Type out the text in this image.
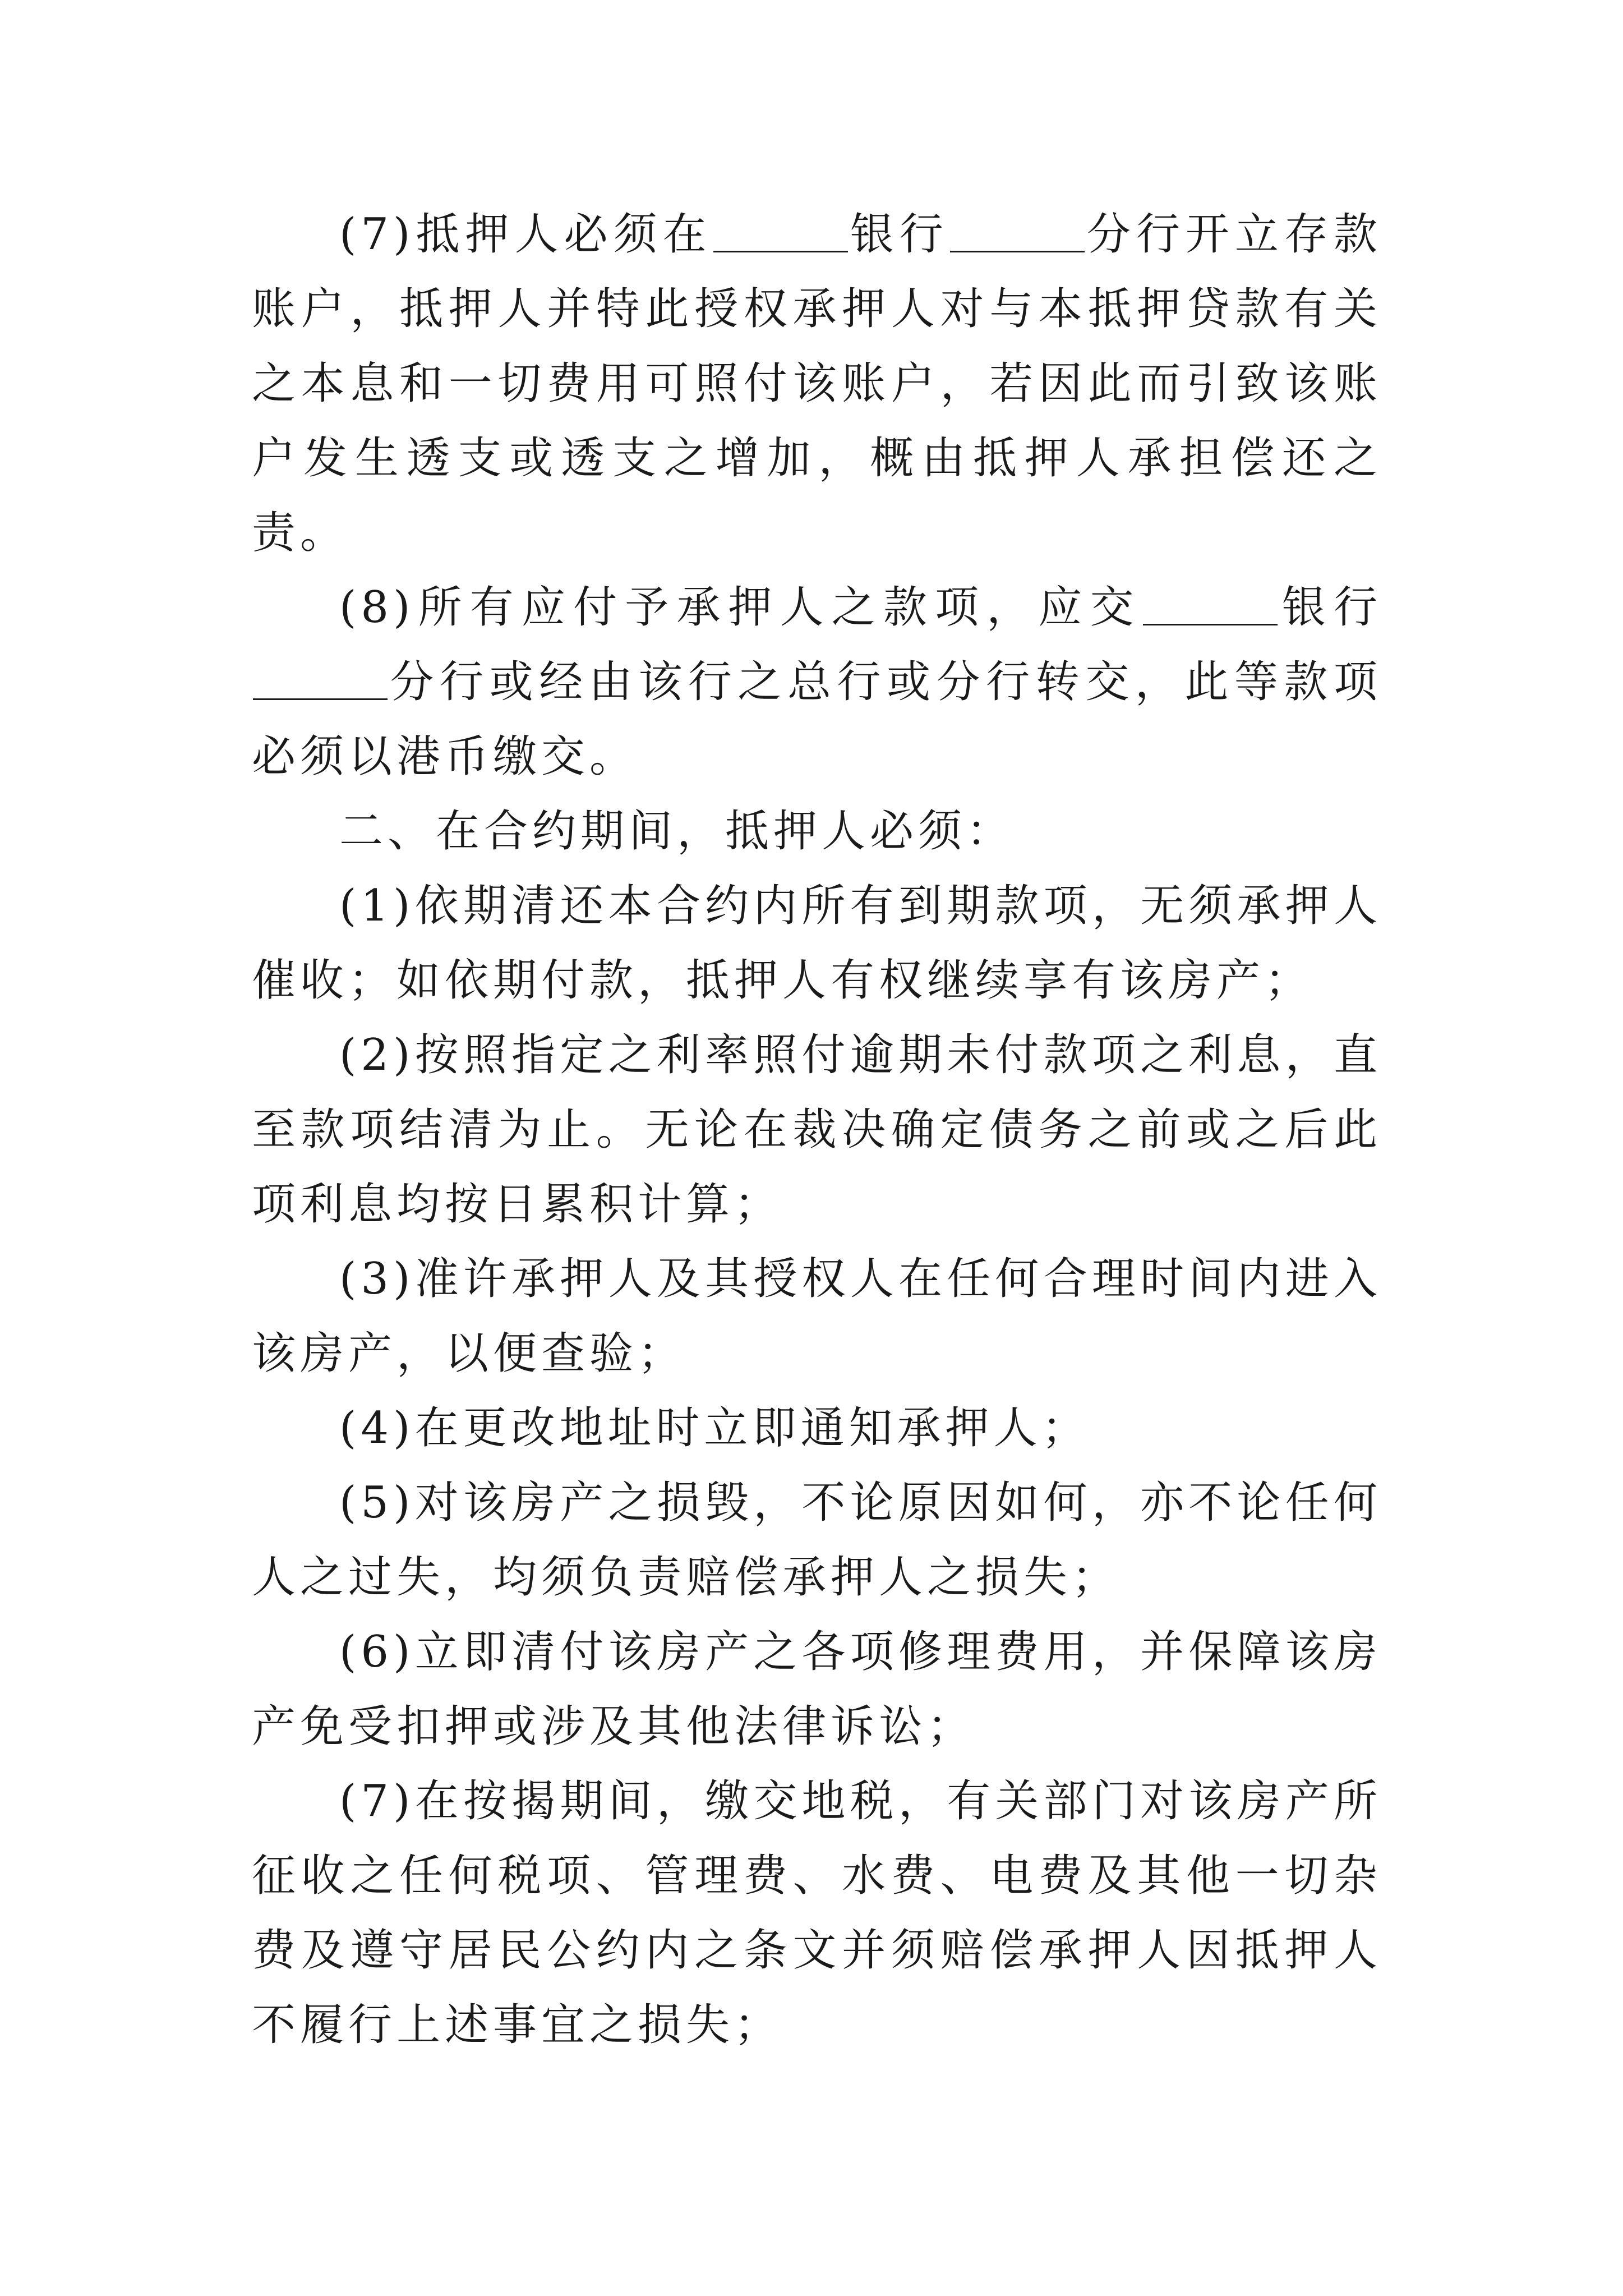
(7)抵押人必须在	银行	分行开立存款账户，抵押人并特此授权承押人对与本抵押贷款有关之本息和一切费用可照付该账户，若因此而引致该账户发生透支或透支之增加，概由抵押人承担偿还之责。

(8)所有应付予承押人之款项，应交	银行分行或经由该行之总行或分行转交，此等款项必须以港币缴交。

二、在合约期间，抵押人必须：

(1)依期清还本合约内所有到期款项，无须承押人催收；如依期付款，抵押人有权继续享有该房产；

(2)按照指定之利率照付逾期未付款项之利息，直至款项结清为止。无论在裁决确定债务之前或之后此项利息均按日累积计算；

(3)准许承押人及其授权人在任何合理时间内进入该房产，以便查验；

(4)在更改地址时立即通知承押人；

(5)对该房产之损毁，不论原因如何，亦不论任何人之过失，均须负责赔偿承押人之损失；

(6)立即清付该房产之各项修理费用，并保障该房产免受扣押或涉及其他法律诉讼；

(7)在按揭期间，缴交地税，有关部门对该房产所征收之任何税项、管理费、水费、电费及其他一切杂费及遵守居民公约内之条文并须赔偿承押人因抵押人不履行上述事宜之损失；
